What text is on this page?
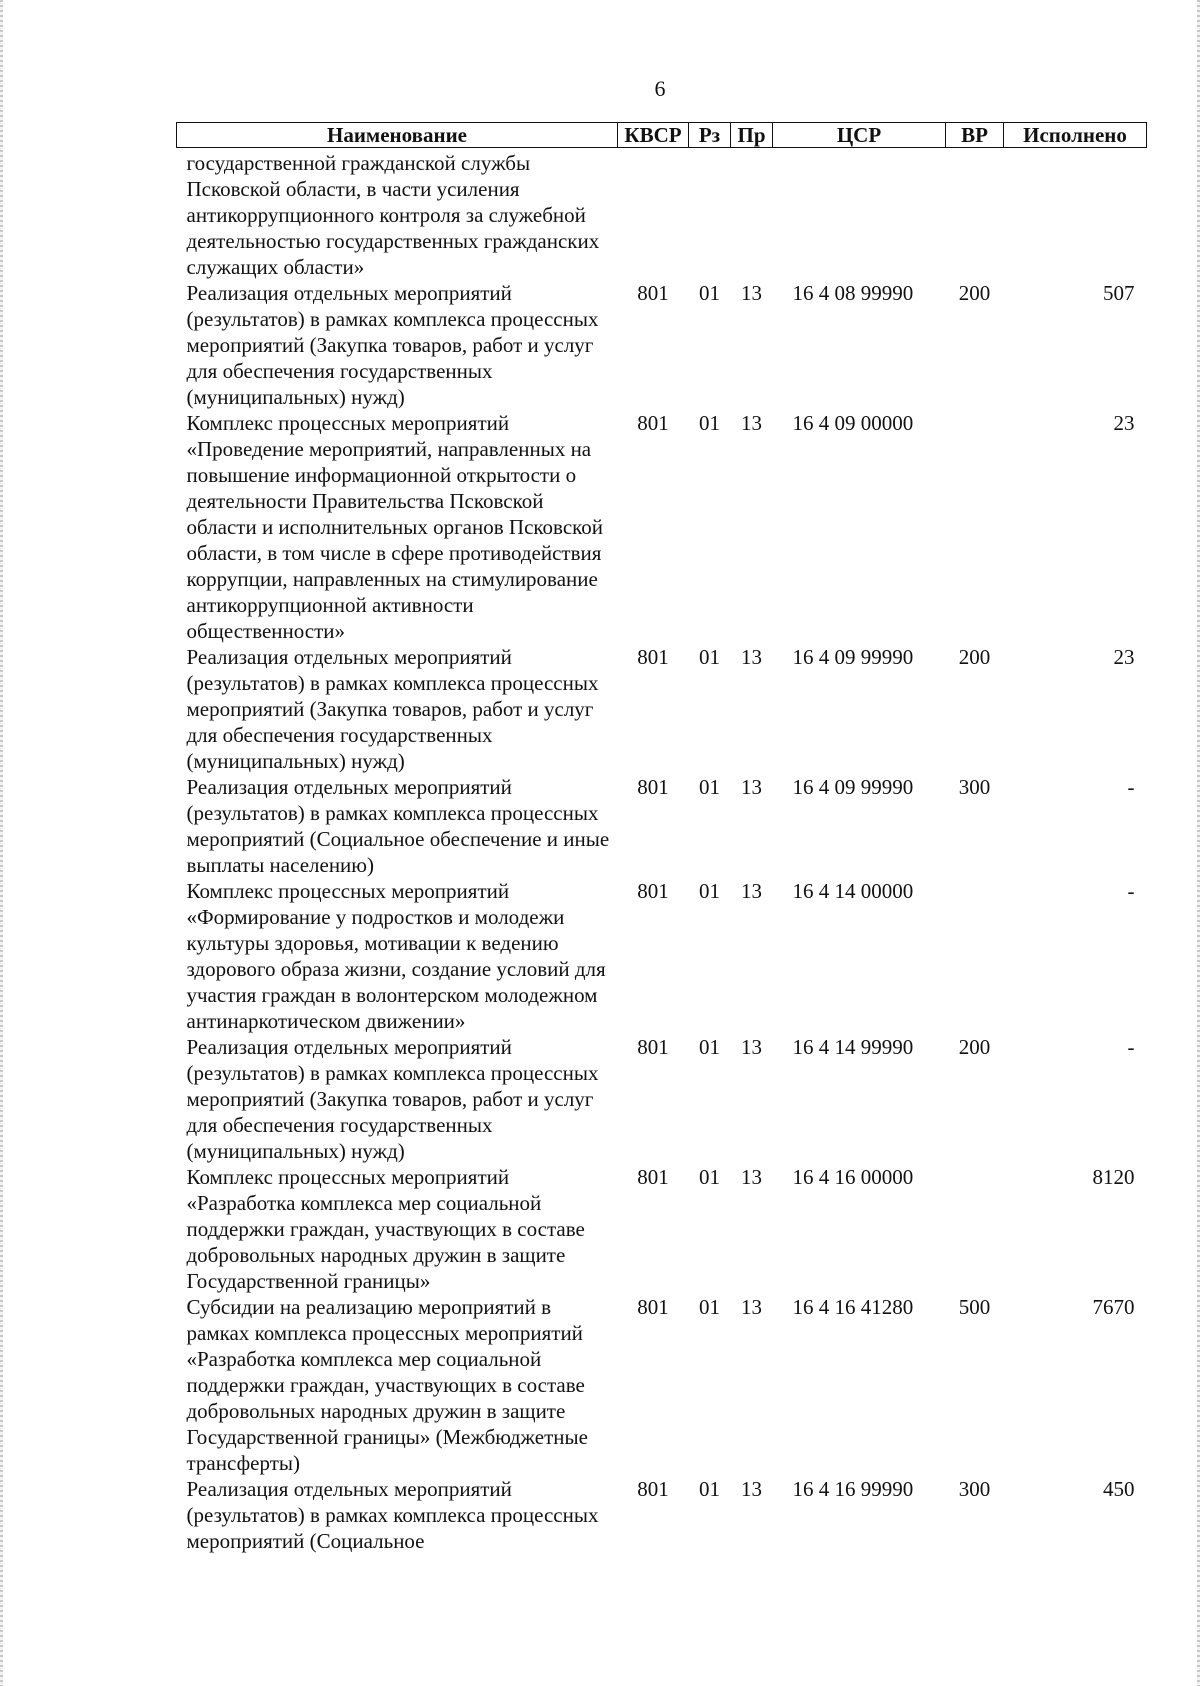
6
Наименование	КВСР	Рз	Пр	ЦСР	ВР	Исполнено
государственной гражданской службы Псковской области, в части усиления антикоррупционного контроля за служебной деятельностью государственных гражданских служащих области»						
Реализация отдельных мероприятий (результатов) в рамках комплекса процессных мероприятий (Закупка товаров, работ и услуг для обеспечения государственных (муниципальных) нужд)	801	01	13	16 4 08 99990	200	507
Комплекс процессных мероприятий «Проведение мероприятий, направленных на повышение информационной открытости о деятельности Правительства Псковской области и исполнительных органов Псковской области, в том числе в сфере противодействия коррупции, направленных на стимулирование антикоррупционной активности общественности»	801	01	13	16 4 09 00000		23
Реализация отдельных мероприятий (результатов) в рамках комплекса процессных мероприятий (Закупка товаров, работ и услуг для обеспечения государственных (муниципальных) нужд)	801	01	13	16 4 09 99990	200	23
Реализация отдельных мероприятий (результатов) в рамках комплекса процессных мероприятий (Социальное обеспечение и иные выплаты населению)	801	01	13	16 4 09 99990	300	-
Комплекс процессных мероприятий «Формирование у подростков и молодежи культуры здоровья, мотивации к ведению здорового образа жизни, создание условий для участия граждан в волонтерском молодежном антинаркотическом движении»	801	01	13	16 4 14 00000		-
Реализация отдельных мероприятий (результатов) в рамках комплекса процессных мероприятий (Закупка товаров, работ и услуг для обеспечения государственных (муниципальных) нужд)	801	01	13	16 4 14 99990	200	-
Комплекс процессных мероприятий «Разработка комплекса мер социальной поддержки граждан, участвующих в составе добровольных народных дружин в защите Государственной границы»	801	01	13	16 4 16 00000		8120
Субсидии на реализацию мероприятий в рамках комплекса процессных мероприятий «Разработка комплекса мер социальной поддержки граждан, участвующих в составе добровольных народных дружин в защите Государственной границы» (Межбюджетные трансферты)	801	01	13	16 4 16 41280	500	7670
Реализация отдельных мероприятий (результатов) в рамках комплекса процессных мероприятий (Социальное	801	01	13	16 4 16 99990	300	450
